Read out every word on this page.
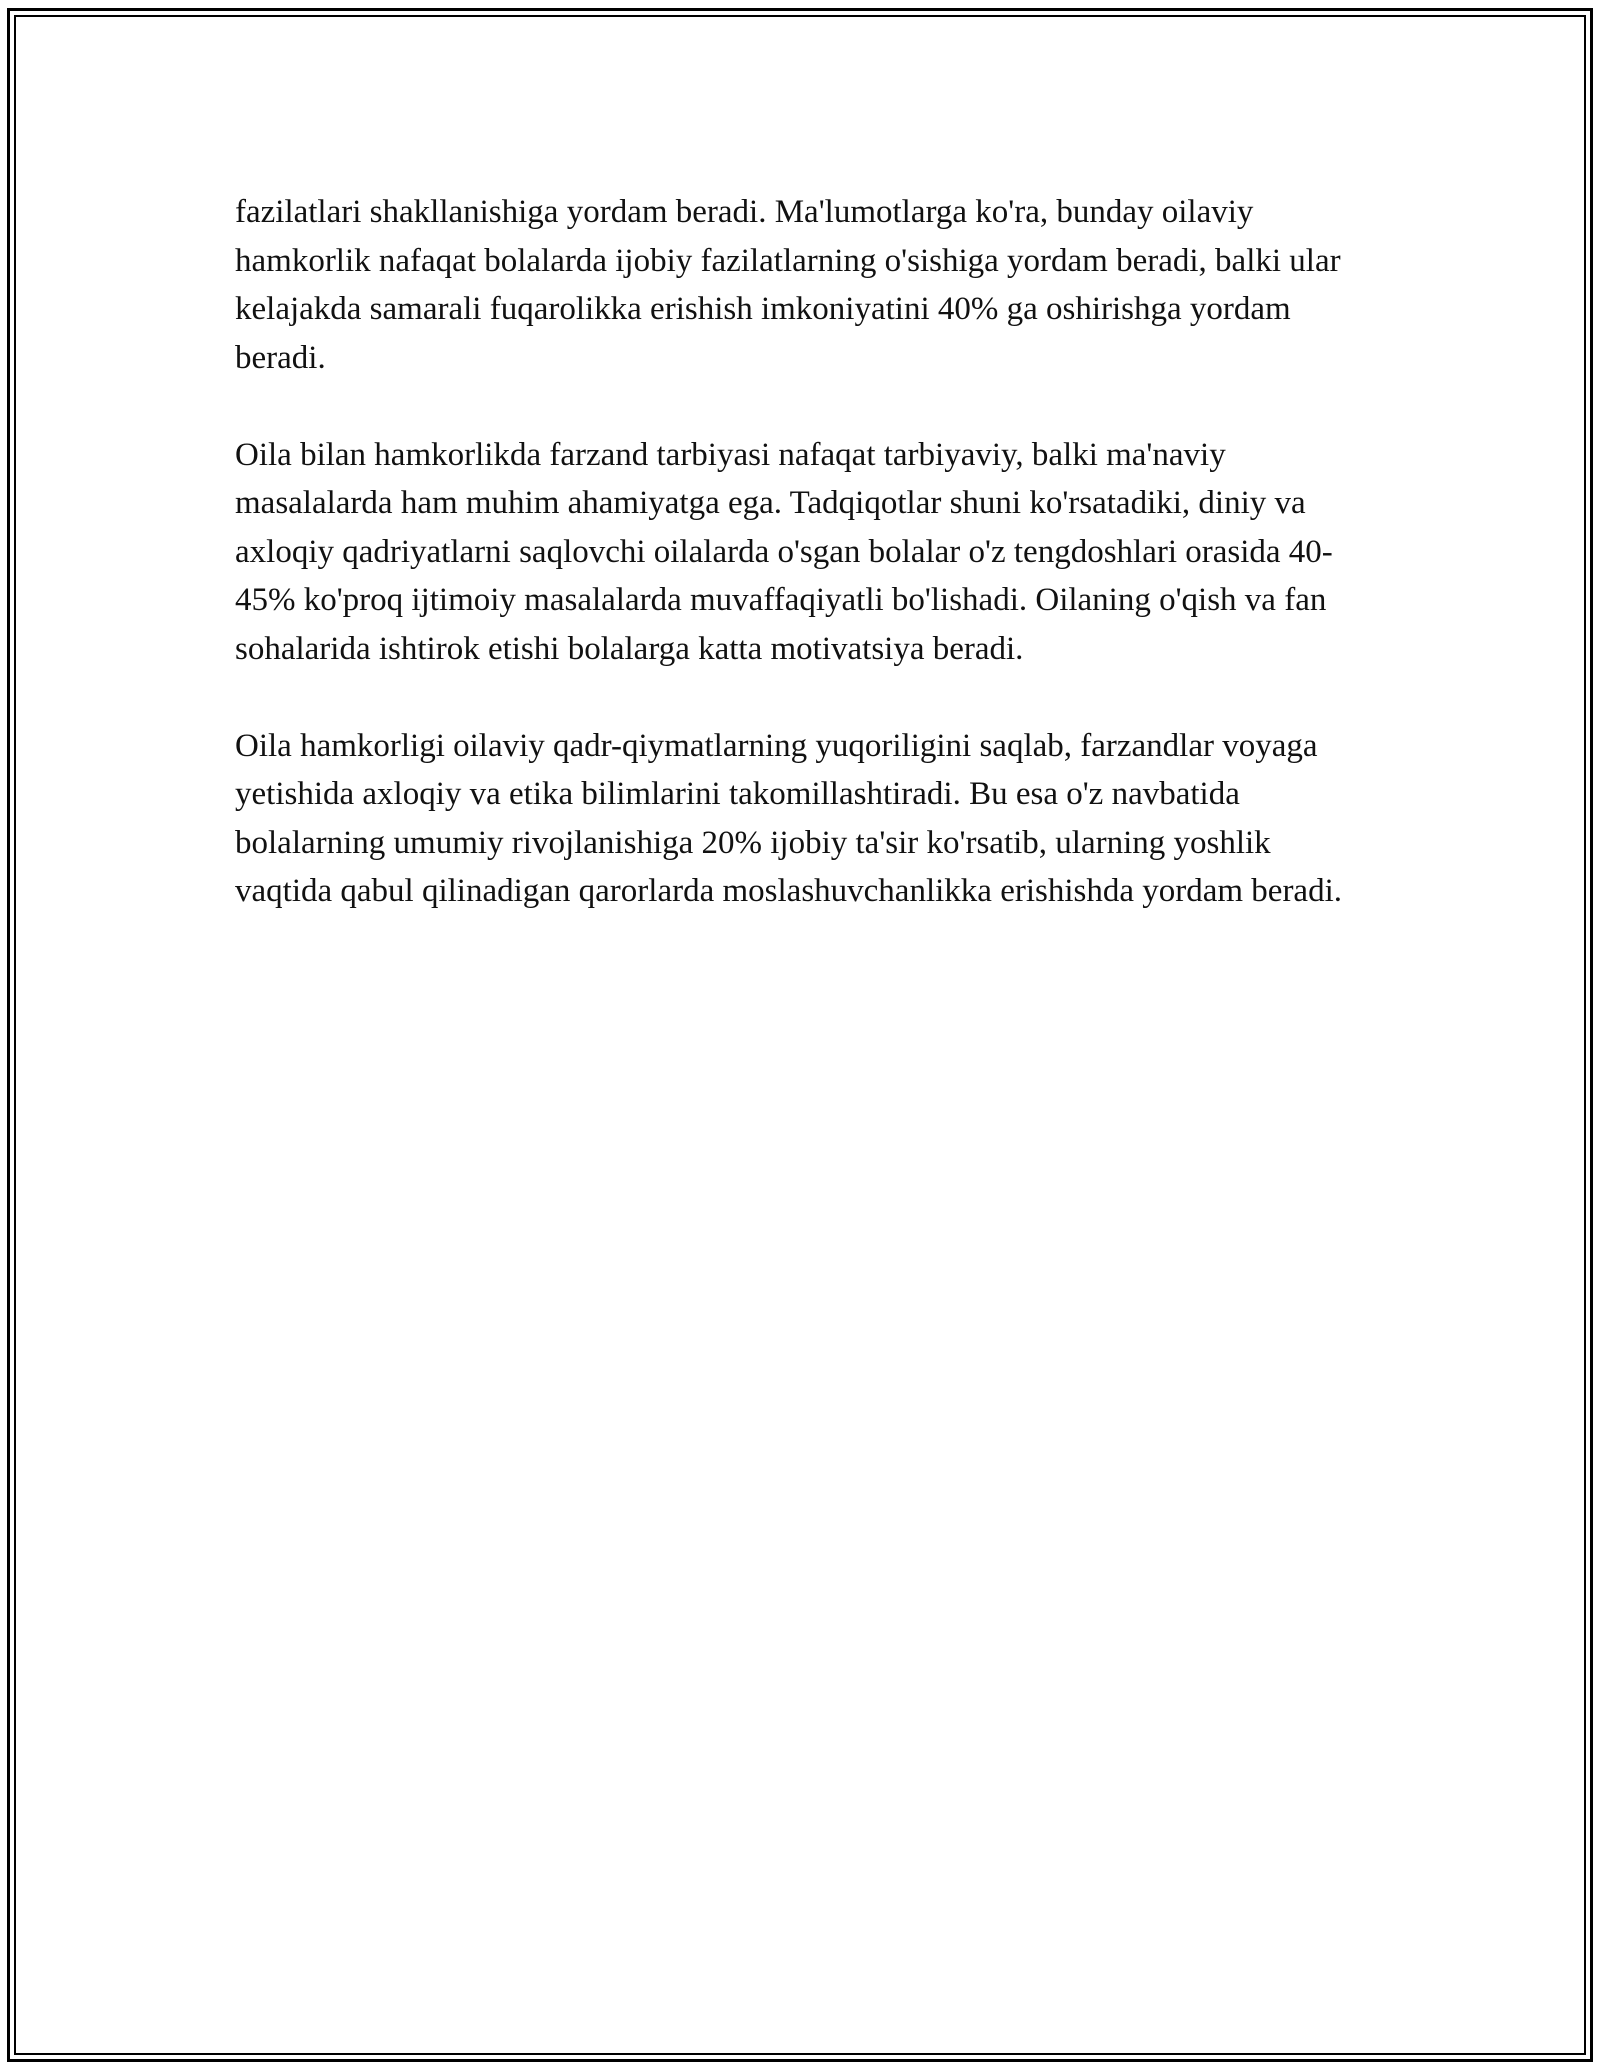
fazilatlari shakllanishiga yordam beradi. Ma'lumotlarga ko'ra, bunday oilaviy hamkorlik nafaqat bolalarda ijobiy fazilatlarning o'sishiga yordam beradi, balki ular kelajakda samarali fuqarolikka erishish imkoniyatini 40% ga oshirishga yordam beradi.

Oila bilan hamkorlikda farzand tarbiyasi nafaqat tarbiyaviy, balki ma'naviy masalalarda ham muhim ahamiyatga ega. Tadqiqotlar shuni ko'rsatadiki, diniy va axloqiy qadriyatlarni saqlovchi oilalarda o'sgan bolalar o'z tengdoshlari orasida 40-45% ko'proq ijtimoiy masalalarda muvaffaqiyatli bo'lishadi. Oilaning o'qish va fan sohalarida ishtirok etishi bolalarga katta motivatsiya beradi.

Oila hamkorligi oilaviy qadr-qiymatlarning yuqoriligini saqlab, farzandlar voyaga yetishida axloqiy va etika bilimlarini takomillashtiradi. Bu esa o'z navbatida bolalarning umumiy rivojlanishiga 20% ijobiy ta'sir ko'rsatib, ularning yoshlik vaqtida qabul qilinadigan qarorlarda moslashuvchanlikka erishishda yordam beradi.
